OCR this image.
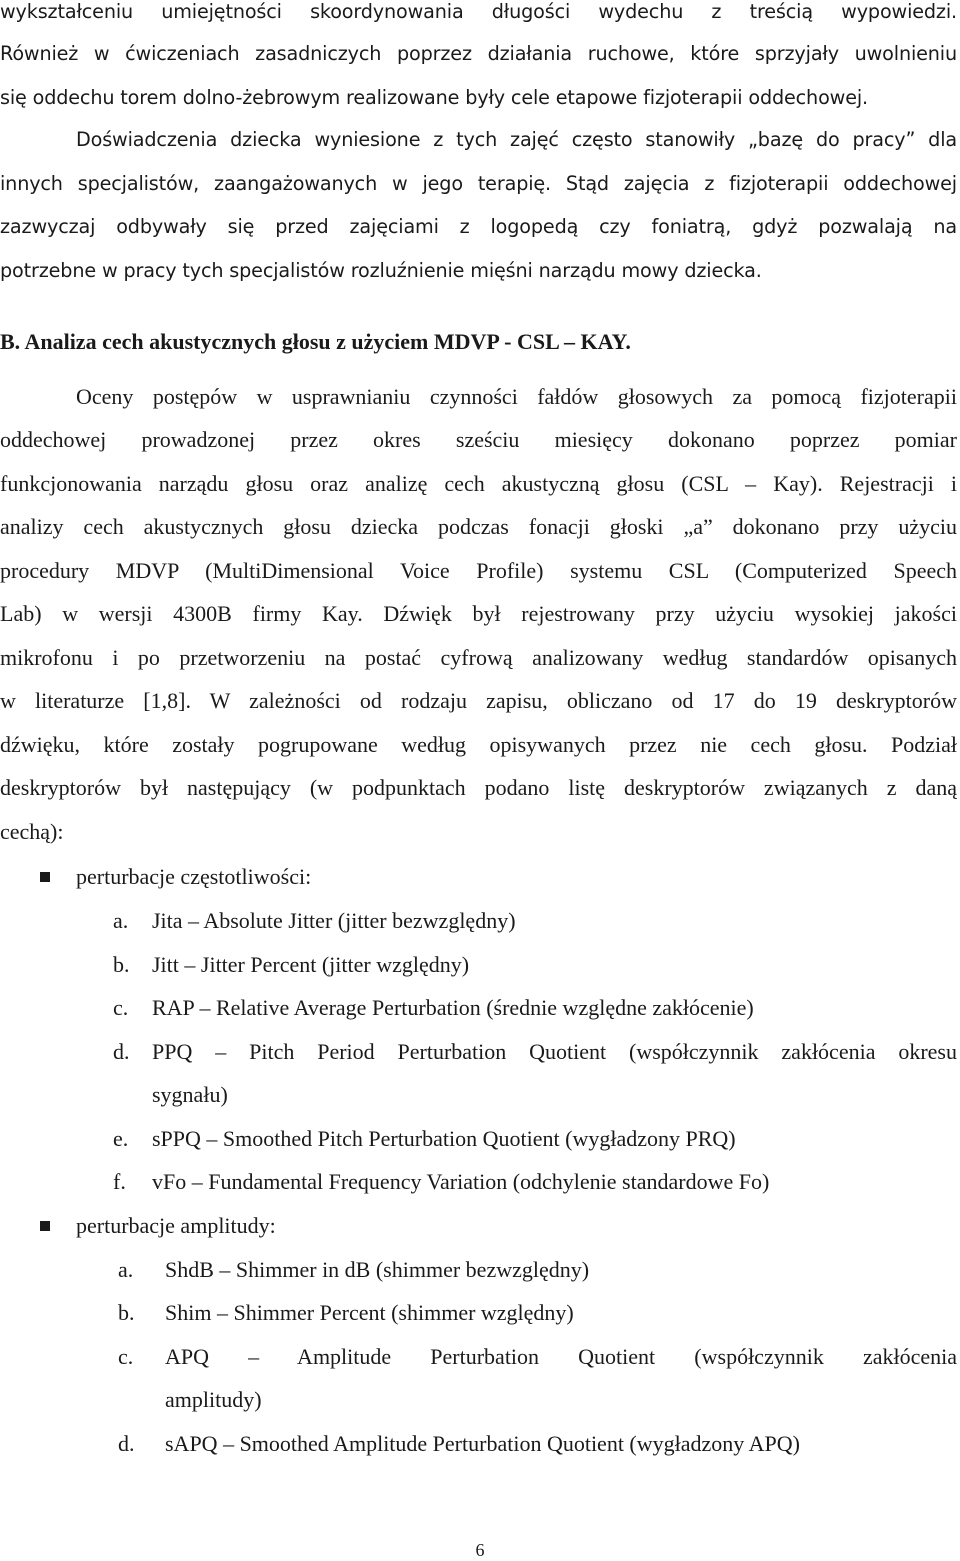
wykształceniu umiejętności skoordynowania długości wydechu z treścią wypowiedzi.
Również w ćwiczeniach zasadniczych poprzez działania ruchowe, które sprzyjały uwolnieniu
się oddechu torem dolno-żebrowym realizowane były cele etapowe fizjoterapii oddechowej.
Doświadczenia dziecka wyniesione z tych zajęć często stanowiły „bazę do pracy” dla
innych specjalistów, zaangażowanych w jego terapię. Stąd zajęcia z fizjoterapii oddechowej
zazwyczaj odbywały się przed zajęciami z logopedą czy foniatrą, gdyż pozwalają na
potrzebne w pracy tych specjalistów rozluźnienie mięśni narządu mowy dziecka.
B. Analiza cech akustycznych głosu z użyciem MDVP - CSL – KAY.
Oceny postępów w usprawnianiu czynności fałdów głosowych za pomocą fizjoterapii
oddechowej prowadzonej przez okres sześciu miesięcy dokonano poprzez pomiar
funkcjonowania narządu głosu oraz analizę cech akustyczną głosu (CSL – Kay). Rejestracji i
analizy cech akustycznych głosu dziecka podczas fonacji głoski „a” dokonano przy użyciu
procedury MDVP (MultiDimensional Voice Profile) systemu CSL (Computerized Speech
Lab) w wersji 4300B firmy Kay. Dźwięk był rejestrowany przy użyciu wysokiej jakości
mikrofonu i po przetworzeniu na postać cyfrową analizowany według standardów opisanych
w literaturze [1,8]. W zależności od rodzaju zapisu, obliczano od 17 do 19 deskryptorów
dźwięku, które zostały pogrupowane według opisywanych przez nie cech głosu. Podział
deskryptorów był następujący (w podpunktach podano listę deskryptorów związanych z daną
cechą):
perturbacje częstotliwości:
a. Jita – Absolute Jitter (jitter bezwzględny)
b. Jitt – Jitter Percent (jitter względny)
c. RAP – Relative Average Perturbation (średnie względne zakłócenie)
d. PPQ – Pitch Period Perturbation Quotient (współczynnik zakłócenia okresu
sygnału)
e. sPPQ – Smoothed Pitch Perturbation Quotient (wygładzony PRQ)
f. vFo – Fundamental Frequency Variation (odchylenie standardowe Fo)
perturbacje amplitudy:
a. ShdB – Shimmer in dB (shimmer bezwzględny)
b. Shim – Shimmer Percent (shimmer względny)
c. APQ – Amplitude Perturbation Quotient (współczynnik zakłócenia
amplitudy)
d. sAPQ – Smoothed Amplitude Perturbation Quotient (wygładzony APQ)
6
